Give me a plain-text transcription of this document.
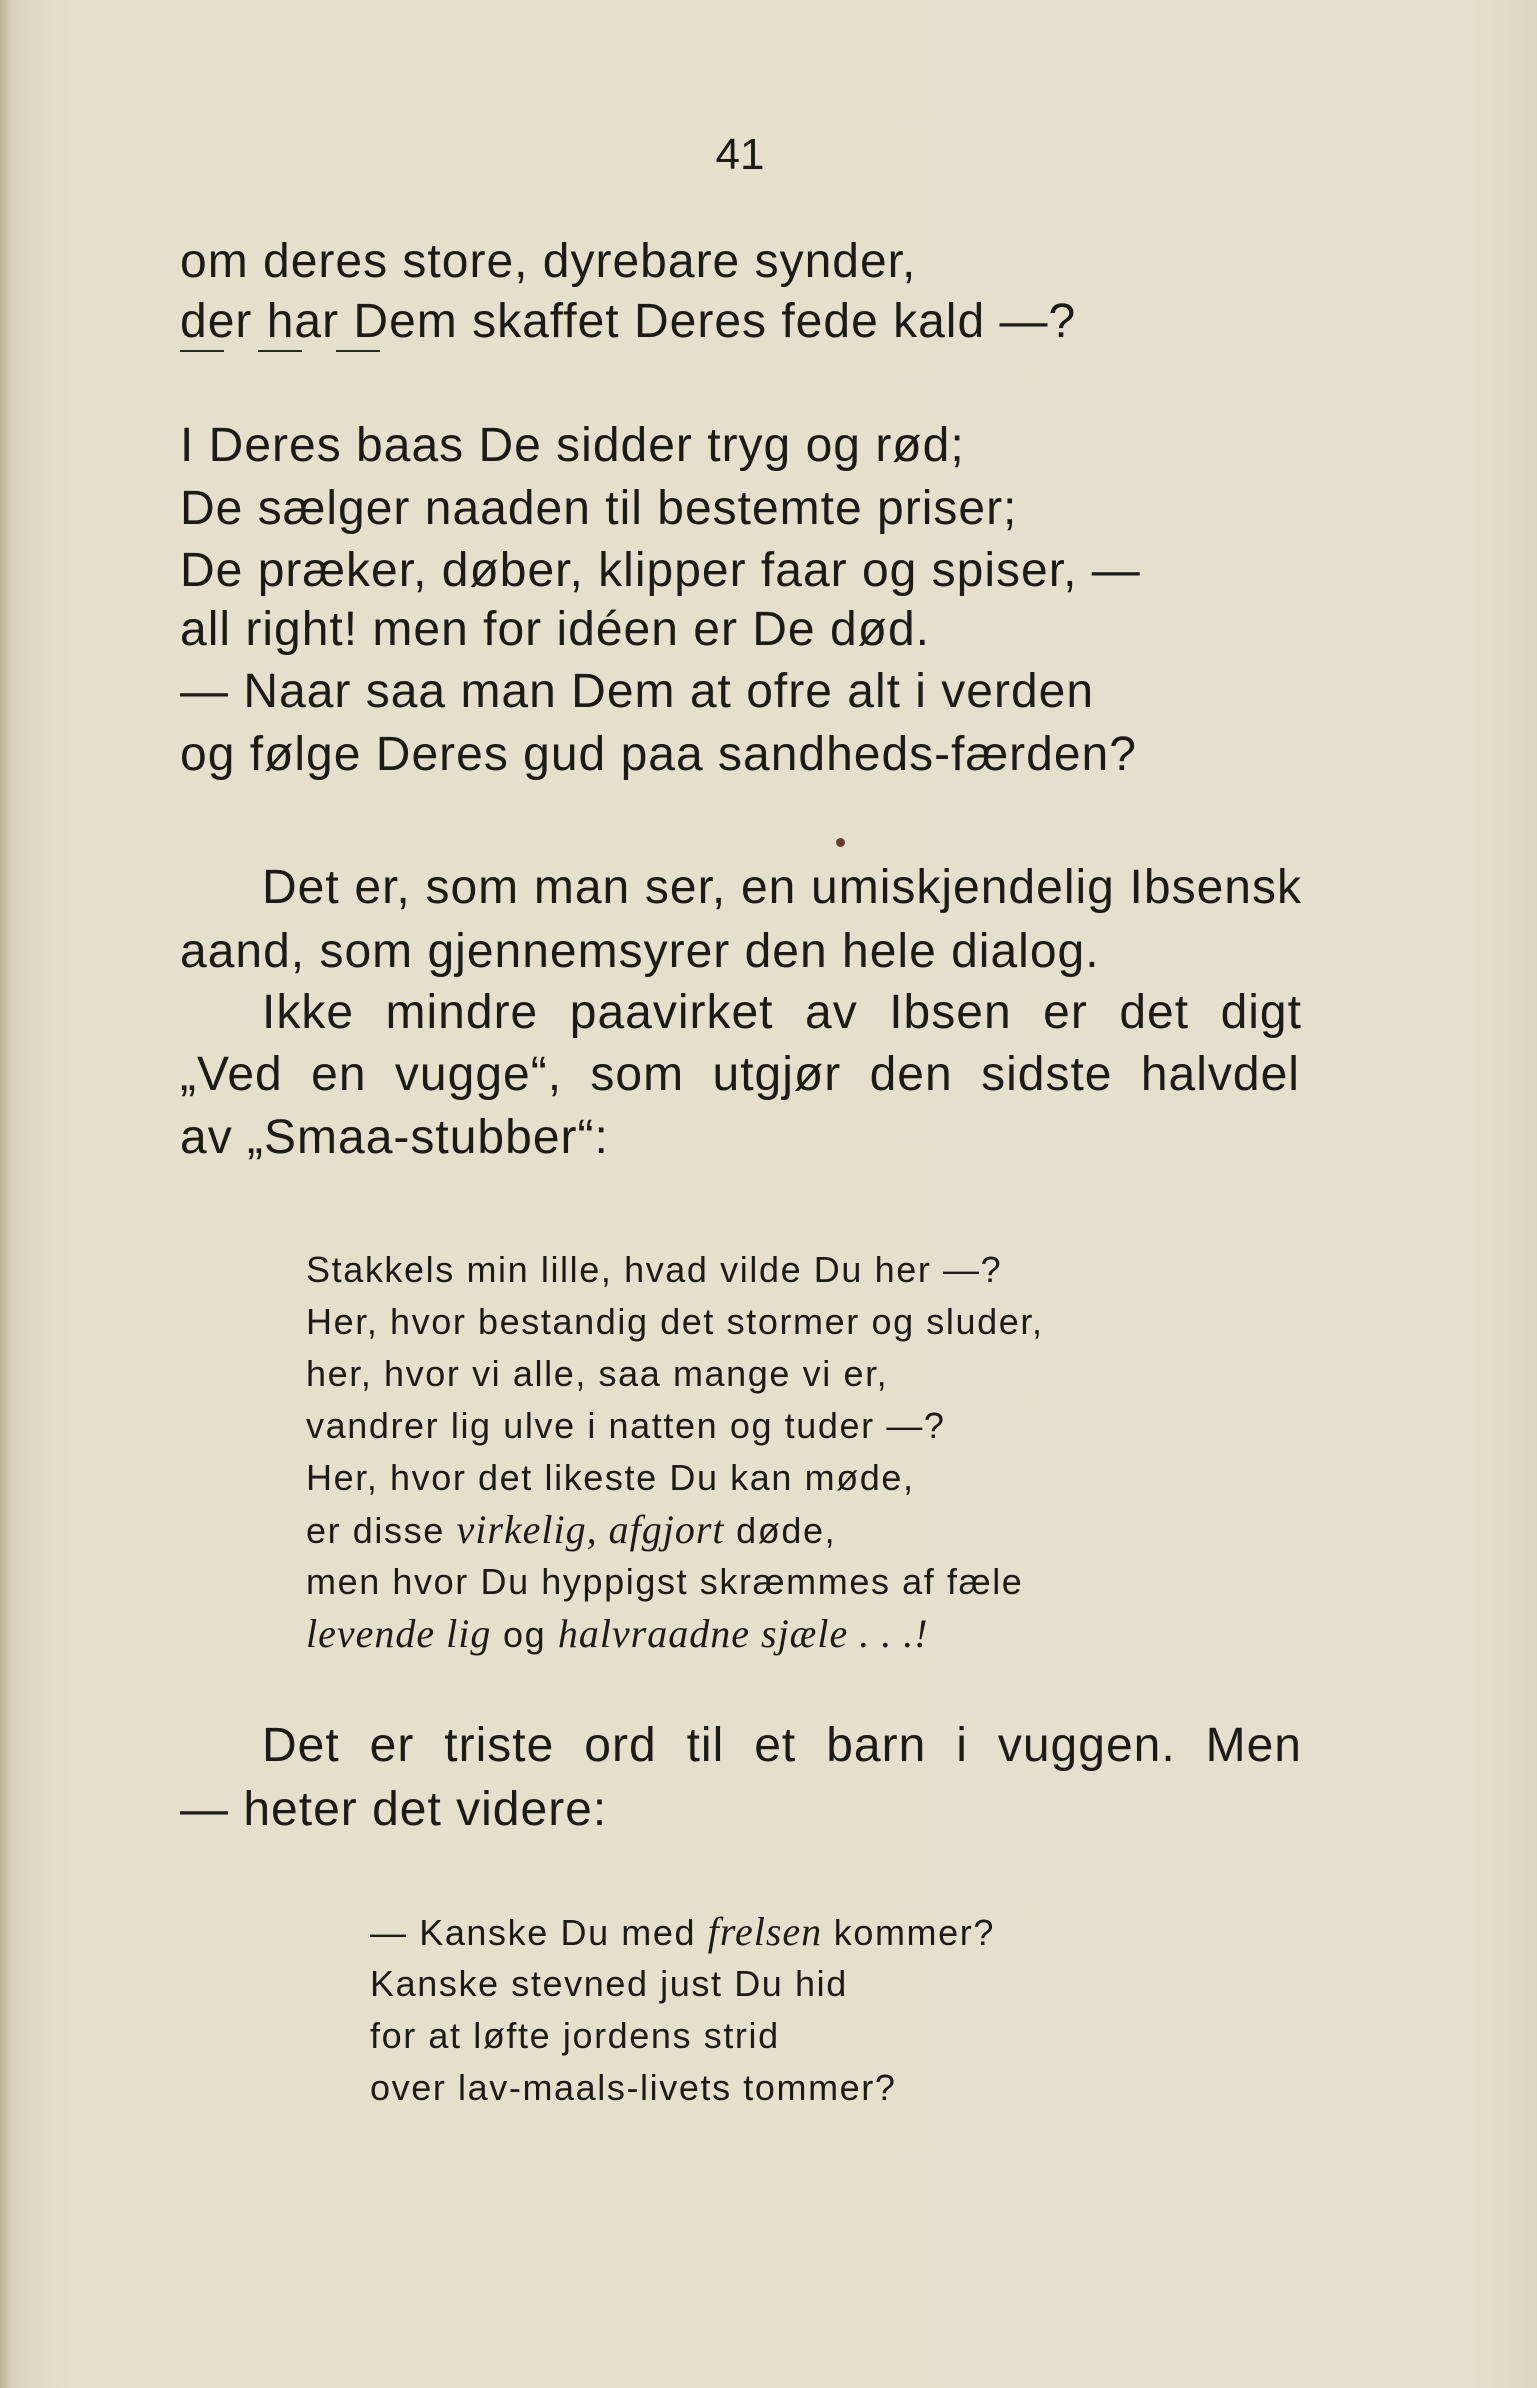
41
om deres store, dyrebare synder,
der har Dem skaffet Deres fede kald —?
I Deres baas De sidder tryg og rød;
De sælger naaden til bestemte priser;
De præker, døber, klipper faar og spiser, —
all right! men for idéen er De død.
— Naar saa man Dem at ofre alt i verden
og følge Deres gud paa sandheds-færden?
Det er, som man ser, en umiskjendelig Ibsensk
aand, som gjennemsyrer den hele dialog.
Ikke mindre paavirket av Ibsen er det digt
„Ved en vugge“, som utgjør den sidste halvdel
av „Smaa-stubber“:
Stakkels min lille, hvad vilde Du her —?
Her, hvor bestandig det stormer og sluder,
her, hvor vi alle, saa mange vi er,
vandrer lig ulve i natten og tuder —?
Her, hvor det likeste Du kan møde,
er disse virkelig, afgjort døde,
men hvor Du hyppigst skræmmes af fæle
levende lig og halvraadne sjæle . . .!
Det er triste ord til et barn i vuggen. Men
— heter det videre:
— Kanske Du med frelsen kommer?
Kanske stevned just Du hid
for at løfte jordens strid
over lav-maals-livets tommer?
